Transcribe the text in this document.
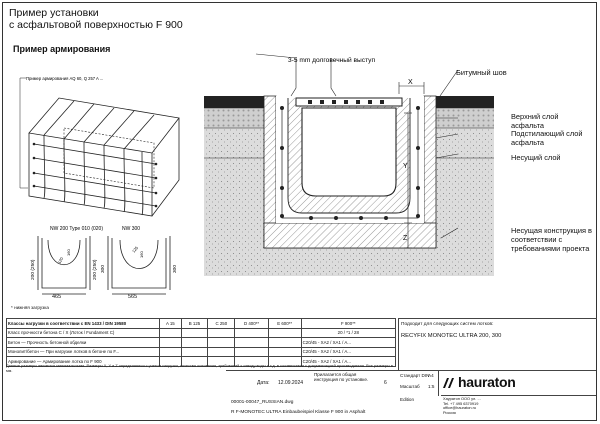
Пример установки
с асфальтовой поверхностью F 900
Пример армирования
Пример армирования AQ 60, Q 257 A ...
NW 200 Type 010 (020)
200 (250)	200 (250)
120
160
NW 300
300	300
125
160
465	565
* нижняя загрузка
3-5 mm долговечный выступ
X
Y
Z
Битумный шов
Верхний слой асфальта
Подстилающий слой асфальта
Несущий слой
Несущая конструкция в соответствии с требованиями проекта
Классы нагрузки в соответствии с EN 1433 / DIN 19580	A 15	B 125	C 250	D 400**	E 600**	F 900**
Класс прочности бетона C / X (Лоток / Fundament C)						20 / *1 / 28
Бетон — Прочность бетонной обделки						C20/45 - XA2 / XA1 / A...
Монолит/бетон — При нагрузке лотков в бетоне по F...						C20/45 - XA2 / XA1 / A...
Армирование — Армирование лотка по F 900						C20/45 - XA2 / XA1 / A...
Данные размеры являются минимальными. Размеры X, Y и Z определяются с учетом нагрузки, качества основания, требований к отводу воды и т.д. в соответствии с документацией производителя. Все размеры в мм.
Подходит для следующих систем лотков:
RECYFIX MONOTEC ULTRA 200, 300
Дата: 12.09.2024
Прилагается общая инструкция по установке.
6
Стандарт DIN
A4
Масштаб 1:5
Edition
00001-00047_RUSSIAN.dwg
R F-MONOTEC ULTRA Einbaubeispiel Klasse F 900 in Asphalt
hauraton
Хауратон ООО ул. ...
Tel. +7 495 6370919
office@hauraton.ru
Россия
